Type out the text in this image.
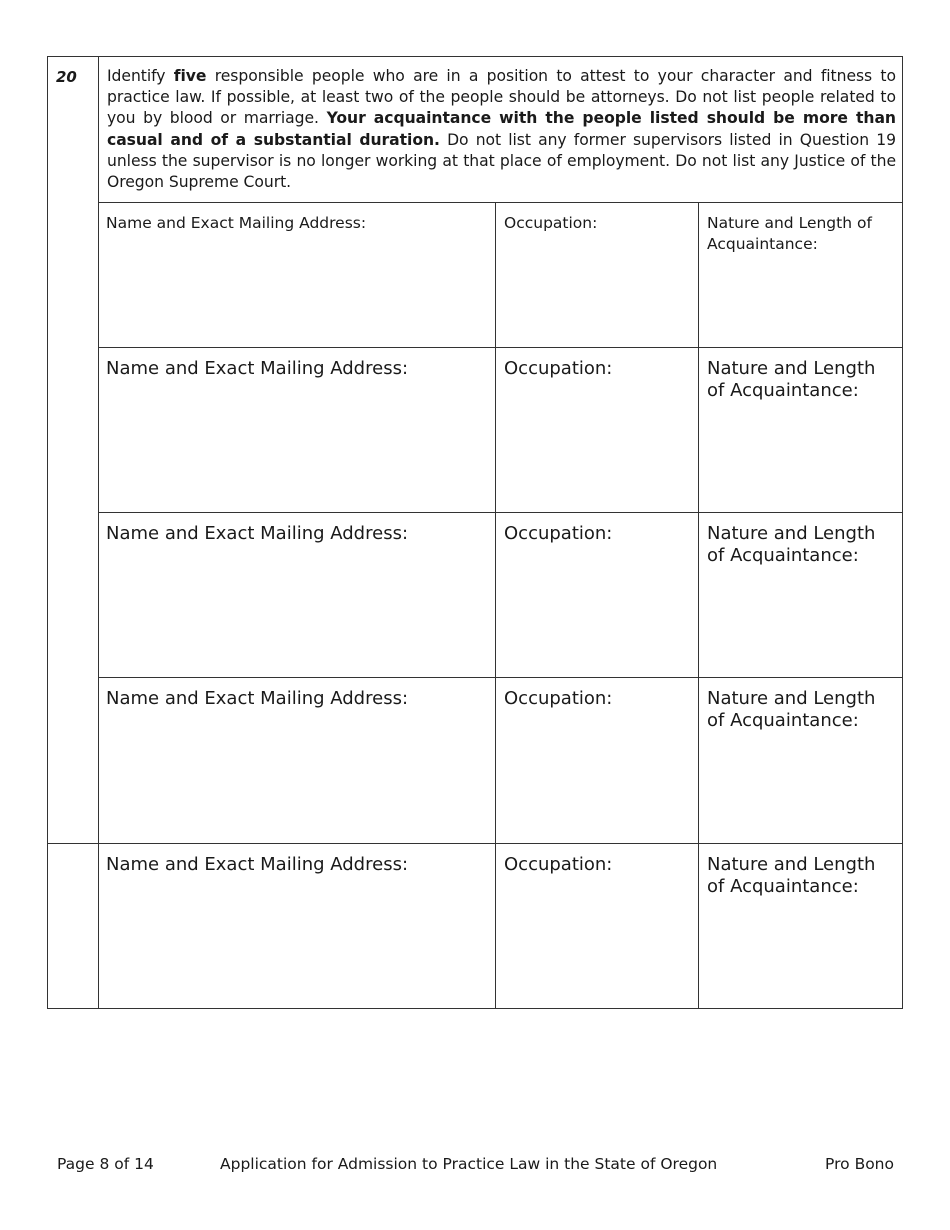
20 Identify five responsible people who are in a position to attest to your character and fitness to practice law. If possible, at least two of the people should be attorneys. Do not list people related to you by blood or marriage. Your acquaintance with the people listed should be more than casual and of a substantial duration. Do not list any former supervisors listed in Question 19 unless the supervisor is no longer working at that place of employment. Do not list any Justice of the Oregon Supreme Court.
Name and Exact Mailing Address:	Occupation:	Nature and Length of Acquaintance:
Name and Exact Mailing Address:	Occupation:	Nature and Length of Acquaintance:
Name and Exact Mailing Address:	Occupation:	Nature and Length of Acquaintance:
Name and Exact Mailing Address:	Occupation:	Nature and Length of Acquaintance:
Name and Exact Mailing Address:	Occupation:	Nature and Length of Acquaintance:
Page 8 of 14	Application for Admission to Practice Law in the State of Oregon	Pro Bono
